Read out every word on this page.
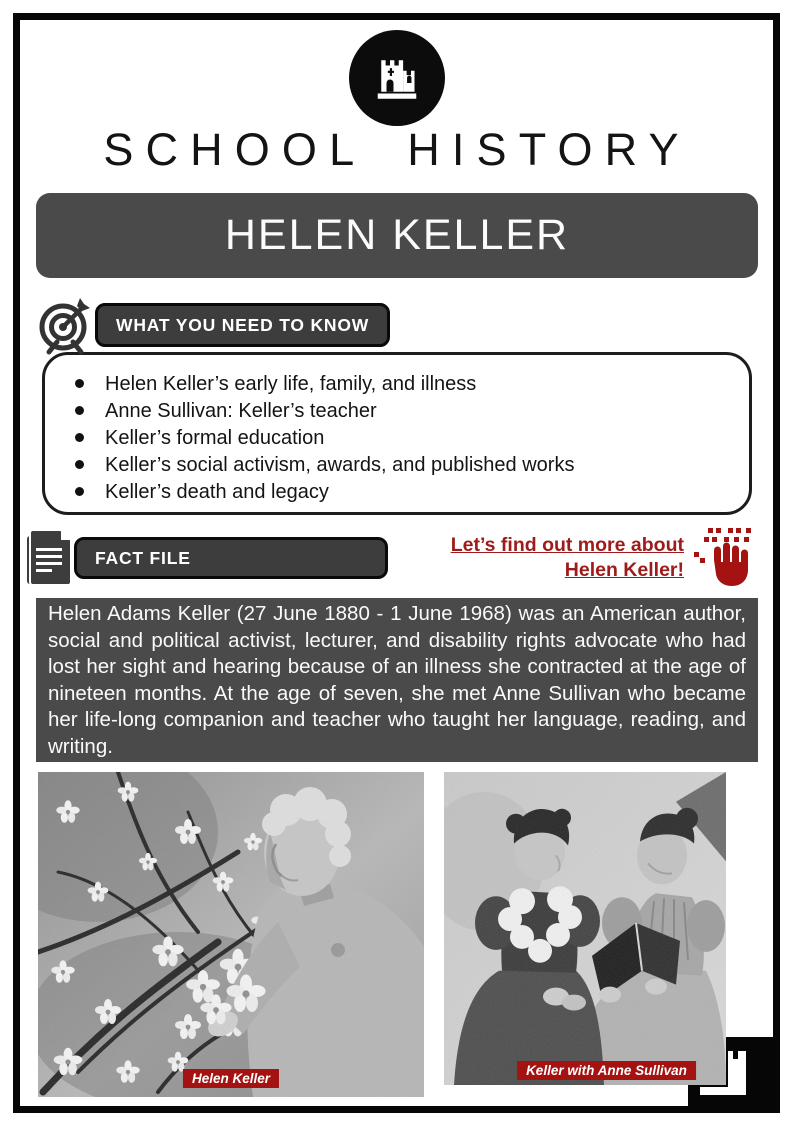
SCHOOL HISTORY
HELEN KELLER
WHAT YOU NEED TO KNOW
Helen Keller’s early life, family, and illness
Anne Sullivan: Keller’s teacher
Keller’s formal education
Keller’s social activism, awards, and published works
Keller’s death and legacy
FACT FILE
Let’s find out more about Helen Keller!
Helen Adams Keller (27 June 1880 - 1 June 1968) was an American author, social and political activist, lecturer, and disability rights advocate who had lost her sight and hearing because of an illness she contracted at the age of nineteen months. At the age of seven, she met Anne Sullivan who became her life-long companion and teacher who taught her language, reading, and writing.
Helen Keller
Keller with Anne Sullivan
